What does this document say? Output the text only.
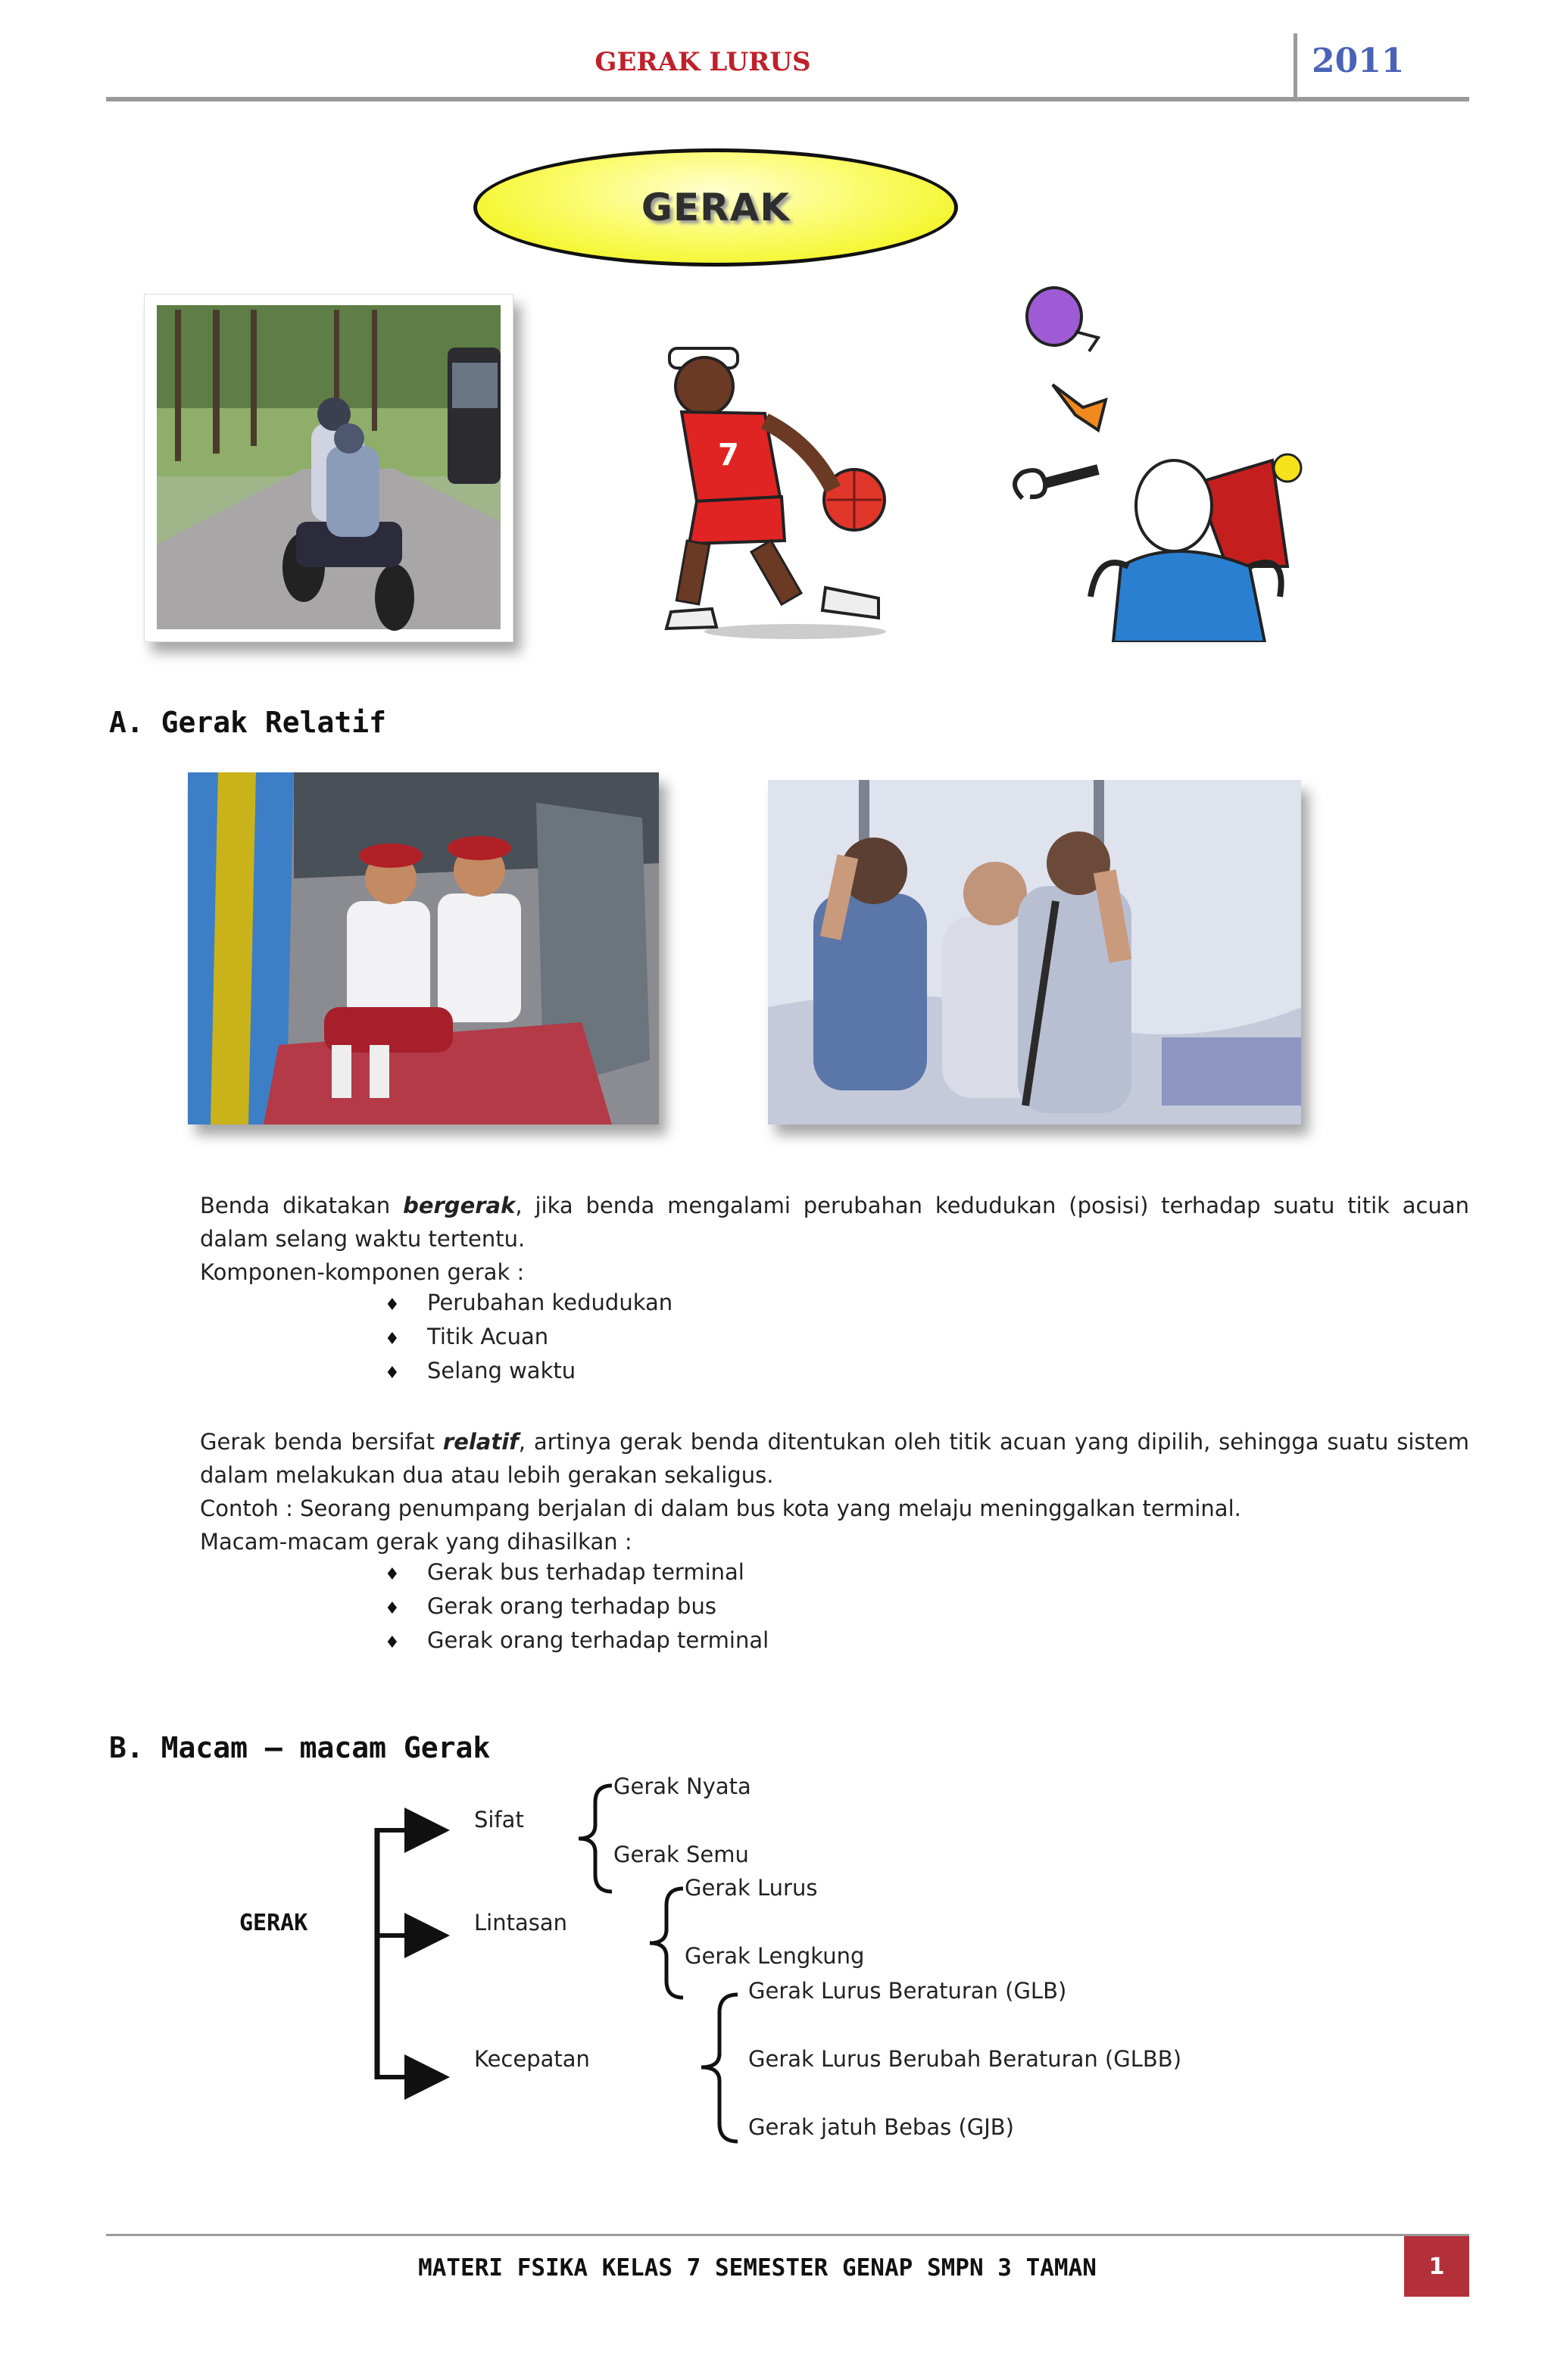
GERAK LURUS	2011
GERAK
7
A. Gerak Relatif
Benda dikatakan bergerak, jika benda mengalami perubahan kedudukan (posisi) terhadap suatu titik acuan dalam selang waktu tertentu.
Komponen-komponen gerak :
♦ Perubahan kedudukan
♦ Titik Acuan
♦ Selang waktu
Gerak benda bersifat relatif, artinya gerak benda ditentukan oleh titik acuan yang dipilih, sehingga suatu sistem dalam melakukan dua atau lebih gerakan sekaligus.
Contoh : Seorang penumpang berjalan di dalam bus kota yang melaju meninggalkan terminal.
Macam-macam gerak yang dihasilkan :
♦ Gerak bus terhadap terminal
♦ Gerak orang terhadap bus
♦ Gerak orang terhadap terminal
B. Macam – macam Gerak
GERAK
Sifat
Lintasan
Kecepatan
Gerak Nyata
Gerak Semu
Gerak Lurus
Gerak Lengkung
Gerak Lurus Beraturan (GLB)
Gerak Lurus Berubah Beraturan (GLBB)
Gerak jatuh Bebas (GJB)
MATERI FSIKA KELAS 7 SEMESTER GENAP SMPN 3 TAMAN	1
